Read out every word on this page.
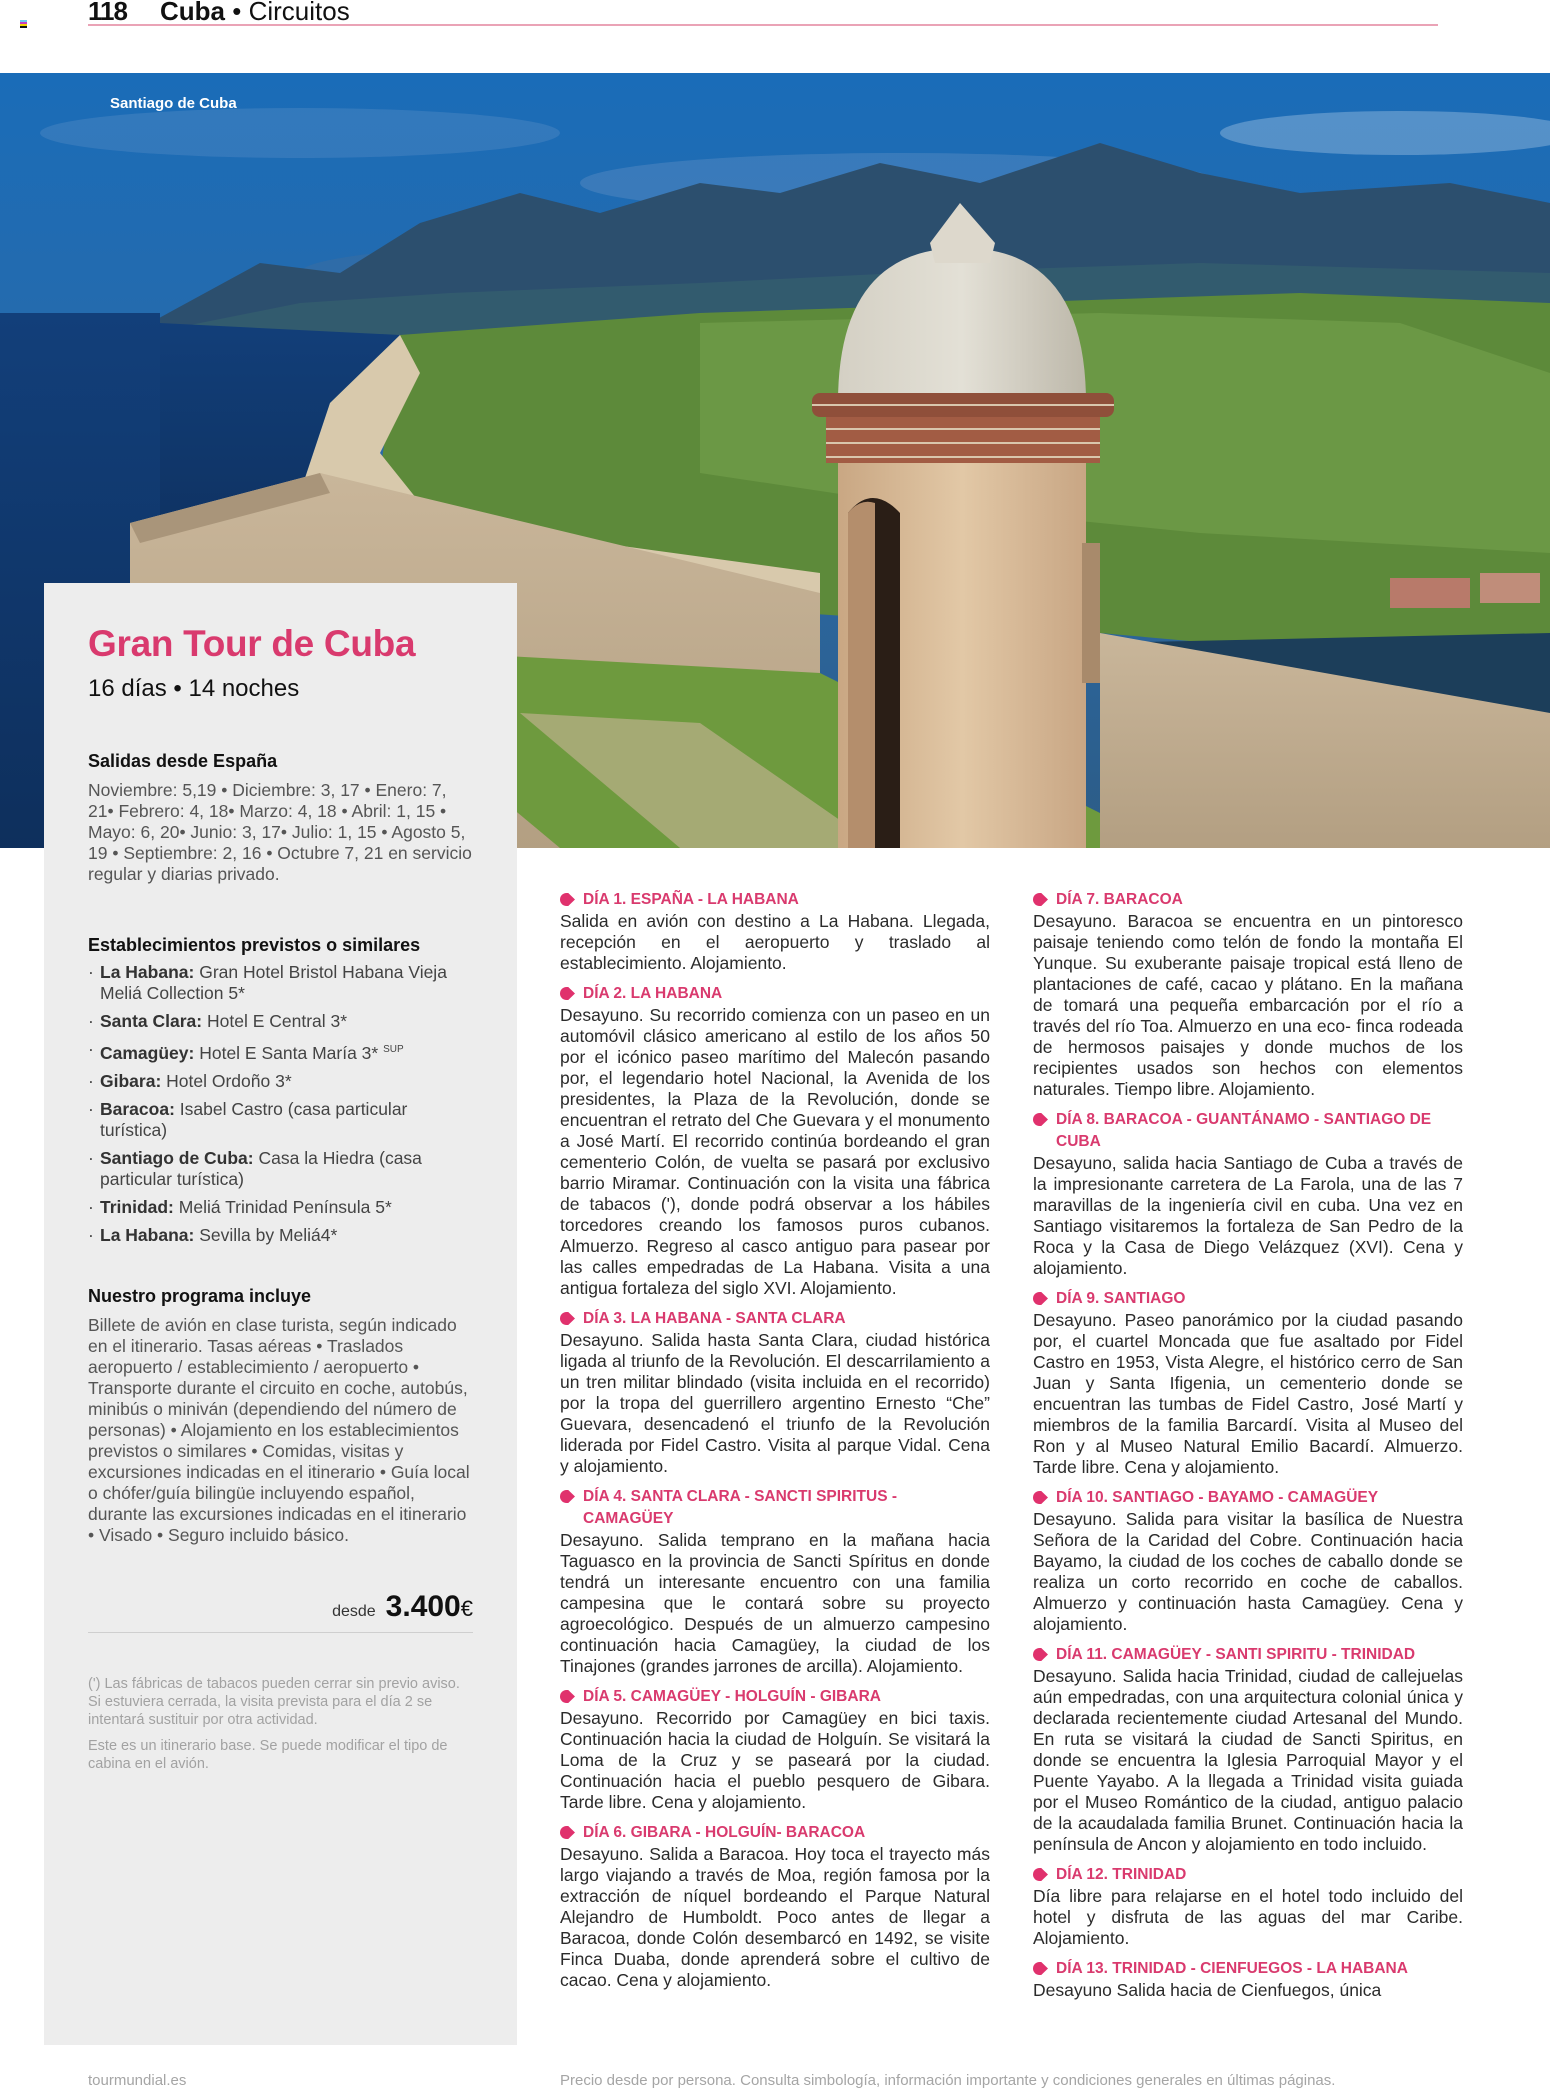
118	Cuba • Circuitos
Santiago de Cuba
Gran Tour de Cuba
16 días • 14 noches
Salidas desde España

Noviembre: 5,19 • Diciembre: 3, 17 • Enero: 7, 21• Febrero: 4, 18• Marzo: 4, 18 • Abril: 1, 15 • Mayo: 6, 20• Junio: 3, 17• Julio: 1, 15 • Agosto 5, 19 • Septiembre: 2, 16 • Octubre 7, 21 en servicio regular y diarias privado.

Establecimientos previstos o similares
· La Habana: Gran Hotel Bristol Habana Vieja Meliá Collection 5*
· Santa Clara: Hotel E Central 3*
· Camagüey: Hotel E Santa María 3* $^{SUP}$
· Gibara: Hotel Ordoño 3*
· Baracoa: Isabel Castro (casa particular turística)
· Santiago de Cuba: Casa la Hiedra (casa particular turística)
· Trinidad: Meliá Trinidad Península 5*
· La Habana: Sevilla by Meliá4*
Nuestro programa incluye

Billete de avión en clase turista, según indicado en el itinerario. Tasas aéreas • Traslados aeropuerto / establecimiento / aeropuerto • Transporte durante el circuito en coche, autobús, minibús o miniván (dependiendo del número de personas) • Alojamiento en los establecimientos previstos o similares • Comidas, visitas y excursiones indicadas en el itinerario • Guía local o chófer/guía bilingüe incluyendo español, durante las excursiones indicadas en el itinerario • Visado • Seguro incluido básico.

desde 3.400 €

(') Las fábricas de tabacos pueden cerrar sin previo aviso. Si estuviera cerrada, la visita prevista para el día 2 se intentará sustituir por otra actividad.

Este es un itinerario base. Se puede modificar el tipo de cabina en el avión.

DÍA 1. ESPAÑA - LA HABANA

Salida en avión con destino a La Habana. Llegada, recepción en el aeropuerto y traslado al establecimiento. Alojamiento.

DÍA 2. LA HABANA

Desayuno. Su recorrido comienza con un paseo en un automóvil clásico americano al estilo de los años 50 por el icónico paseo marítimo del Malecón pasando por, el legendario hotel Nacional, la Avenida de los presidentes, la Plaza de la Revolución, donde se encuentran el retrato del Che Guevara y el monumento a José Martí. El recorrido continúa bordeando el gran cementerio Colón, de vuelta se pasará por exclusivo barrio Miramar. Continuación con la visita una fábrica de tabacos ('), donde podrá observar a los hábiles torcedores creando los famosos puros cubanos. Almuerzo. Regreso al casco antiguo para pasear por las calles empedradas de La Habana. Visita a una antigua fortaleza del siglo XVI. Alojamiento.

DÍA 3. LA HABANA - SANTA CLARA

Desayuno. Salida hasta Santa Clara, ciudad histórica ligada al triunfo de la Revolución. El descarrilamiento a un tren militar blindado (visita incluida en el recorrido) por la tropa del guerrillero argentino Ernesto “Che” Guevara, desencadenó el triunfo de la Revolución liderada por Fidel Castro. Visita al parque Vidal. Cena y alojamiento.

DÍA 4. SANTA CLARA - SANCTI SPIRITUS - CAMAGÜEY

Desayuno. Salida temprano en la mañana hacia Taguasco en la provincia de Sancti Spíritus en donde tendrá un interesante encuentro con una familia campesina que le contará sobre su proyecto agroecológico. Después de un almuerzo campesino continuación hacia Camagüey, la ciudad de los Tinajones (grandes jarrones de arcilla). Alojamiento.

DÍA 5. CAMAGÜEY - HOLGUÍN - GIBARA

Desayuno. Recorrido por Camagüey en bici taxis. Continuación hacia la ciudad de Holguín. Se visitará la Loma de la Cruz y se paseará por la ciudad. Continuación hacia el pueblo pesquero de Gibara. Tarde libre. Cena y alojamiento.

DÍA 6. GIBARA - HOLGUÍN- BARACOA

Desayuno. Salida a Baracoa. Hoy toca el trayecto más largo viajando a través de Moa, región famosa por la extracción de níquel bordeando el Parque Natural Alejandro de Humboldt. Poco antes de llegar a Baracoa, donde Colón desembarcó en 1492, se visite Finca Duaba, donde aprenderá sobre el cultivo de cacao. Cena y alojamiento.

DÍA 7. BARACOA

Desayuno. Baracoa se encuentra en un pintoresco paisaje teniendo como telón de fondo la montaña El Yunque. Su exuberante paisaje tropical está lleno de plantaciones de café, cacao y plátano. En la mañana de tomará una pequeña embarcación por el río a través del río Toa. Almuerzo en una eco- finca rodeada de hermosos paisajes y donde muchos de los recipientes usados son hechos con elementos naturales. Tiempo libre. Alojamiento.

DÍA 8. BARACOA - GUANTÁNAMO - SANTIAGO DE CUBA

Desayuno, salida hacia Santiago de Cuba a través de la impresionante carretera de La Farola, una de las 7 maravillas de la ingeniería civil en cuba. Una vez en Santiago visitaremos la fortaleza de San Pedro de la Roca y la Casa de Diego Velázquez (XVI). Cena y alojamiento.

DÍA 9. SANTIAGO

Desayuno. Paseo panorámico por la ciudad pasando por, el cuartel Moncada que fue asaltado por Fidel Castro en 1953, Vista Alegre, el histórico cerro de San Juan y Santa Ifigenia, un cementerio donde se encuentran las tumbas de Fidel Castro, José Martí y miembros de la familia Barcardí. Visita al Museo del Ron y al Museo Natural Emilio Bacardí. Almuerzo. Tarde libre. Cena y alojamiento.

DÍA 10. SANTIAGO - BAYAMO - CAMAGÜEY

Desayuno. Salida para visitar la basílica de Nuestra Señora de la Caridad del Cobre. Continuación hacia Bayamo, la ciudad de los coches de caballo donde se realiza un corto recorrido en coche de caballos. Almuerzo y continuación hasta Camagüey. Cena y alojamiento.

DÍA 11. CAMAGÜEY - SANTI SPIRITU - TRINIDAD

Desayuno. Salida hacia Trinidad, ciudad de callejuelas aún empedradas, con una arquitectura colonial única y declarada recientemente ciudad Artesanal del Mundo. En ruta se visitará la ciudad de Sancti Spiritus, en donde se encuentra la Iglesia Parroquial Mayor y el Puente Yayabo. A la llegada a Trinidad visita guiada por el Museo Romántico de la ciudad, antiguo palacio de la acaudalada familia Brunet. Continuación hacia la península de Ancon y alojamiento en todo incluido.

DÍA 12. TRINIDAD

Día libre para relajarse en el hotel todo incluido del hotel y disfruta de las aguas del mar Caribe. Alojamiento.

DÍA 13. TRINIDAD - CIENFUEGOS - LA HABANA

Desayuno Salida hacia de Cienfuegos, única

tourmundial.es	Precio desde por persona. Consulta simbología, información importante y condiciones generales en últimas páginas.
